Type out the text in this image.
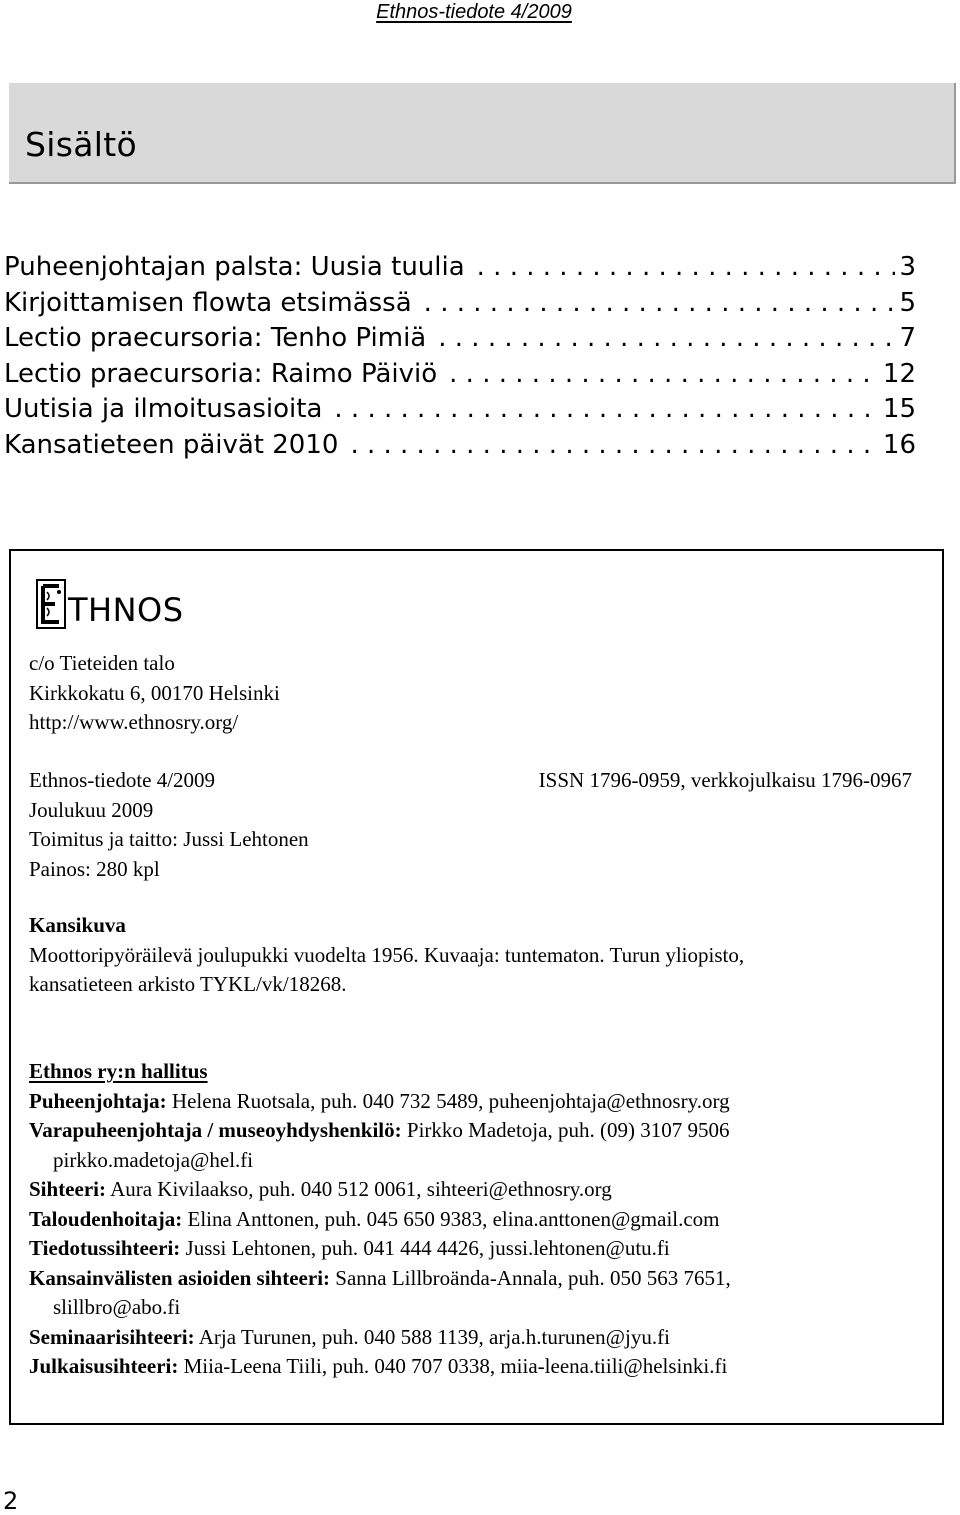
Ethnos-tiedote 4/2009
Sisältö
Puheenjohtajan palsta: Uusia tuulia . . .	3
Kirjoittamisen flowta etsimässä . . .	5
Lectio praecursoria: Tenho Pimiä . . .	7
Lectio praecursoria: Raimo Päiviö . . .	12
Uutisia ja ilmoitusasioita . . .	15
Kansatieteen päivät 2010 . . .	16
THNOS
c/o Tieteiden talo
Kirkkokatu 6, 00170 Helsinki
http://www.ethnosry.org/
Ethnos-tiedote 4/2009
Joulukuu 2009
Toimitus ja taitto: Jussi Lehtonen
Painos: 280 kpl
ISSN 1796-0959, verkkojulkaisu 1796-0967
Kansikuva
Moottoripyöräilevä joulupukki vuodelta 1956. Kuvaaja: tuntematon. Turun yliopisto,
kansatieteen arkisto TYKL/vk/18268.
Ethnos ry:n hallitus
Puheenjohtaja: Helena Ruotsala, puh. 040 732 5489, puheenjohtaja@ethnosry.org
Varapuheenjohtaja / museoyhdyshenkilö: Pirkko Madetoja, puh. (09) 3107 9506
pirkko.madetoja@hel.fi
Sihteeri: Aura Kivilaakso, puh. 040 512 0061, sihteeri@ethnosry.org
Taloudenhoitaja: Elina Anttonen, puh. 045 650 9383, elina.anttonen@gmail.com
Tiedotussihteeri: Jussi Lehtonen, puh. 041 444 4426, jussi.lehtonen@utu.fi
Kansainvälisten asioiden sihteeri: Sanna Lillbroända-Annala, puh. 050 563 7651,
slillbro@abo.fi
Seminaarisihteeri: Arja Turunen, puh. 040 588 1139, arja.h.turunen@jyu.fi
Julkaisusihteeri: Miia-Leena Tiili, puh. 040 707 0338, miia-leena.tiili@helsinki.fi
2
